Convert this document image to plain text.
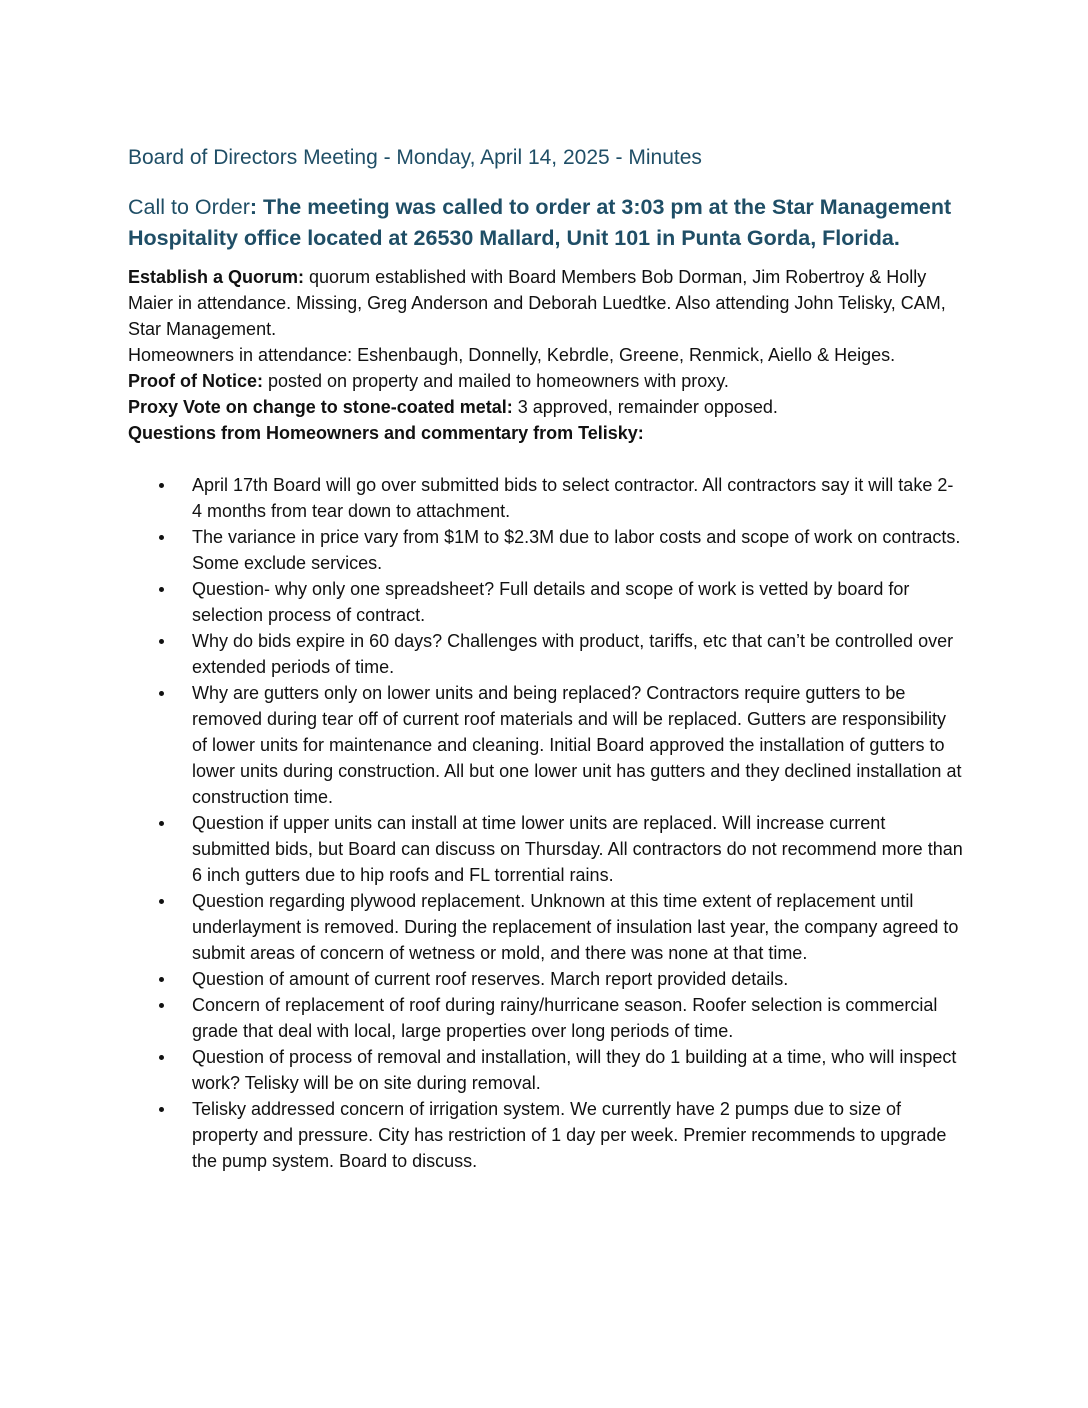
Board of Directors Meeting - Monday, April 14, 2025 - Minutes
Call to Order: The meeting was called to order at 3:03 pm at the Star Management Hospitality office located at 26530 Mallard, Unit 101 in Punta Gorda, Florida.

Establish a Quorum: quorum established with Board Members Bob Dorman, Jim Robertroy & Holly Maier in attendance. Missing, Greg Anderson and Deborah Luedtke. Also attending John Telisky, CAM, Star Management.

Homeowners in attendance: Eshenbaugh, Donnelly, Kebrdle, Greene, Renmick, Aiello & Heiges.

Proof of Notice: posted on property and mailed to homeowners with proxy.

Proxy Vote on change to stone-coated metal: 3 approved, remainder opposed.

Questions from Homeowners and commentary from Telisky:

April 17th Board will go over submitted bids to select contractor. All contractors say it will take 2-4 months from tear down to attachment.
The variance in price vary from $1M to $2.3M due to labor costs and scope of work on contracts. Some exclude services.
Question- why only one spreadsheet? Full details and scope of work is vetted by board for selection process of contract.
Why do bids expire in 60 days? Challenges with product, tariffs, etc that can’t be controlled over extended periods of time.
Why are gutters only on lower units and being replaced? Contractors require gutters to be removed during tear off of current roof materials and will be replaced. Gutters are responsibility of lower units for maintenance and cleaning. Initial Board approved the installation of gutters to lower units during construction. All but one lower unit has gutters and they declined installation at construction time.
Question if upper units can install at time lower units are replaced. Will increase current submitted bids, but Board can discuss on Thursday. All contractors do not recommend more than 6 inch gutters due to hip roofs and FL torrential rains.
Question regarding plywood replacement. Unknown at this time extent of replacement until underlayment is removed. During the replacement of insulation last year, the company agreed to submit areas of concern of wetness or mold, and there was none at that time.
Question of amount of current roof reserves. March report provided details.
Concern of replacement of roof during rainy/hurricane season. Roofer selection is commercial grade that deal with local, large properties over long periods of time.
Question of process of removal and installation, will they do 1 building at a time, who will inspect work? Telisky will be on site during removal.
Telisky addressed concern of irrigation system. We currently have 2 pumps due to size of property and pressure. City has restriction of 1 day per week. Premier recommends to upgrade the pump system. Board to discuss.
